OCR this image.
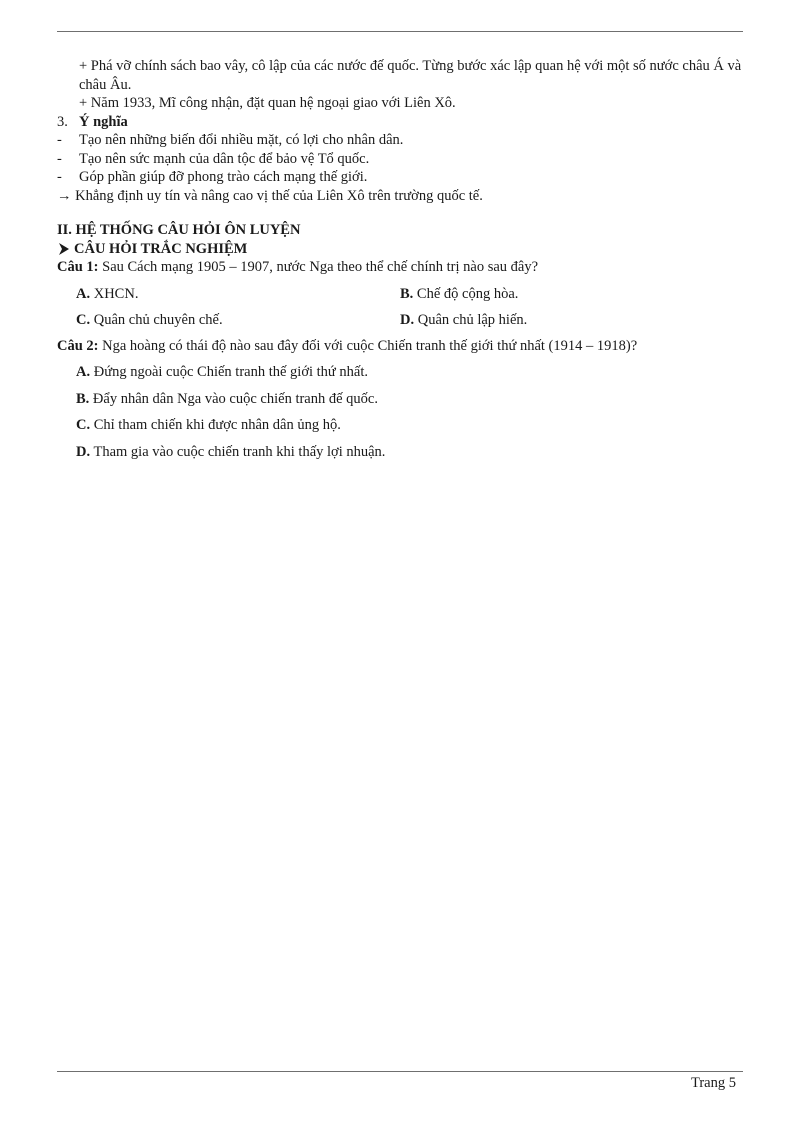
+ Phá vỡ chính sách bao vây, cô lập của các nước đế quốc. Từng bước xác lập quan hệ với một số nước châu Á và châu Âu.
+ Năm 1933, Mĩ công nhận, đặt quan hệ ngoại giao với Liên Xô.
3. Ý nghĩa
-	Tạo nên những biến đổi nhiều mặt, có lợi cho nhân dân.
-	Tạo nên sức mạnh của dân tộc để bảo vệ Tổ quốc.
-	Góp phần giúp đỡ phong trào cách mạng thế giới.
→ Khẳng định uy tín và nâng cao vị thế của Liên Xô trên trường quốc tế.
II. HỆ THỐNG CÂU HỎI ÔN LUYỆN
CÂU HỎI TRẮC NGHIỆM
Câu 1: Sau Cách mạng 1905 – 1907, nước Nga theo thể chế chính trị nào sau đây?
A. XHCN.	B. Chế độ cộng hòa.
C. Quân chủ chuyên chế.	D. Quân chủ lập hiến.
Câu 2: Nga hoàng có thái độ nào sau đây đối với cuộc Chiến tranh thế giới thứ nhất (1914 – 1918)?
A. Đứng ngoài cuộc Chiến tranh thế giới thứ nhất.
B. Đẩy nhân dân Nga vào cuộc chiến tranh đế quốc.
C. Chỉ tham chiến khi được nhân dân ủng hộ.
D. Tham gia vào cuộc chiến tranh khi thấy lợi nhuận.
Trang 5
